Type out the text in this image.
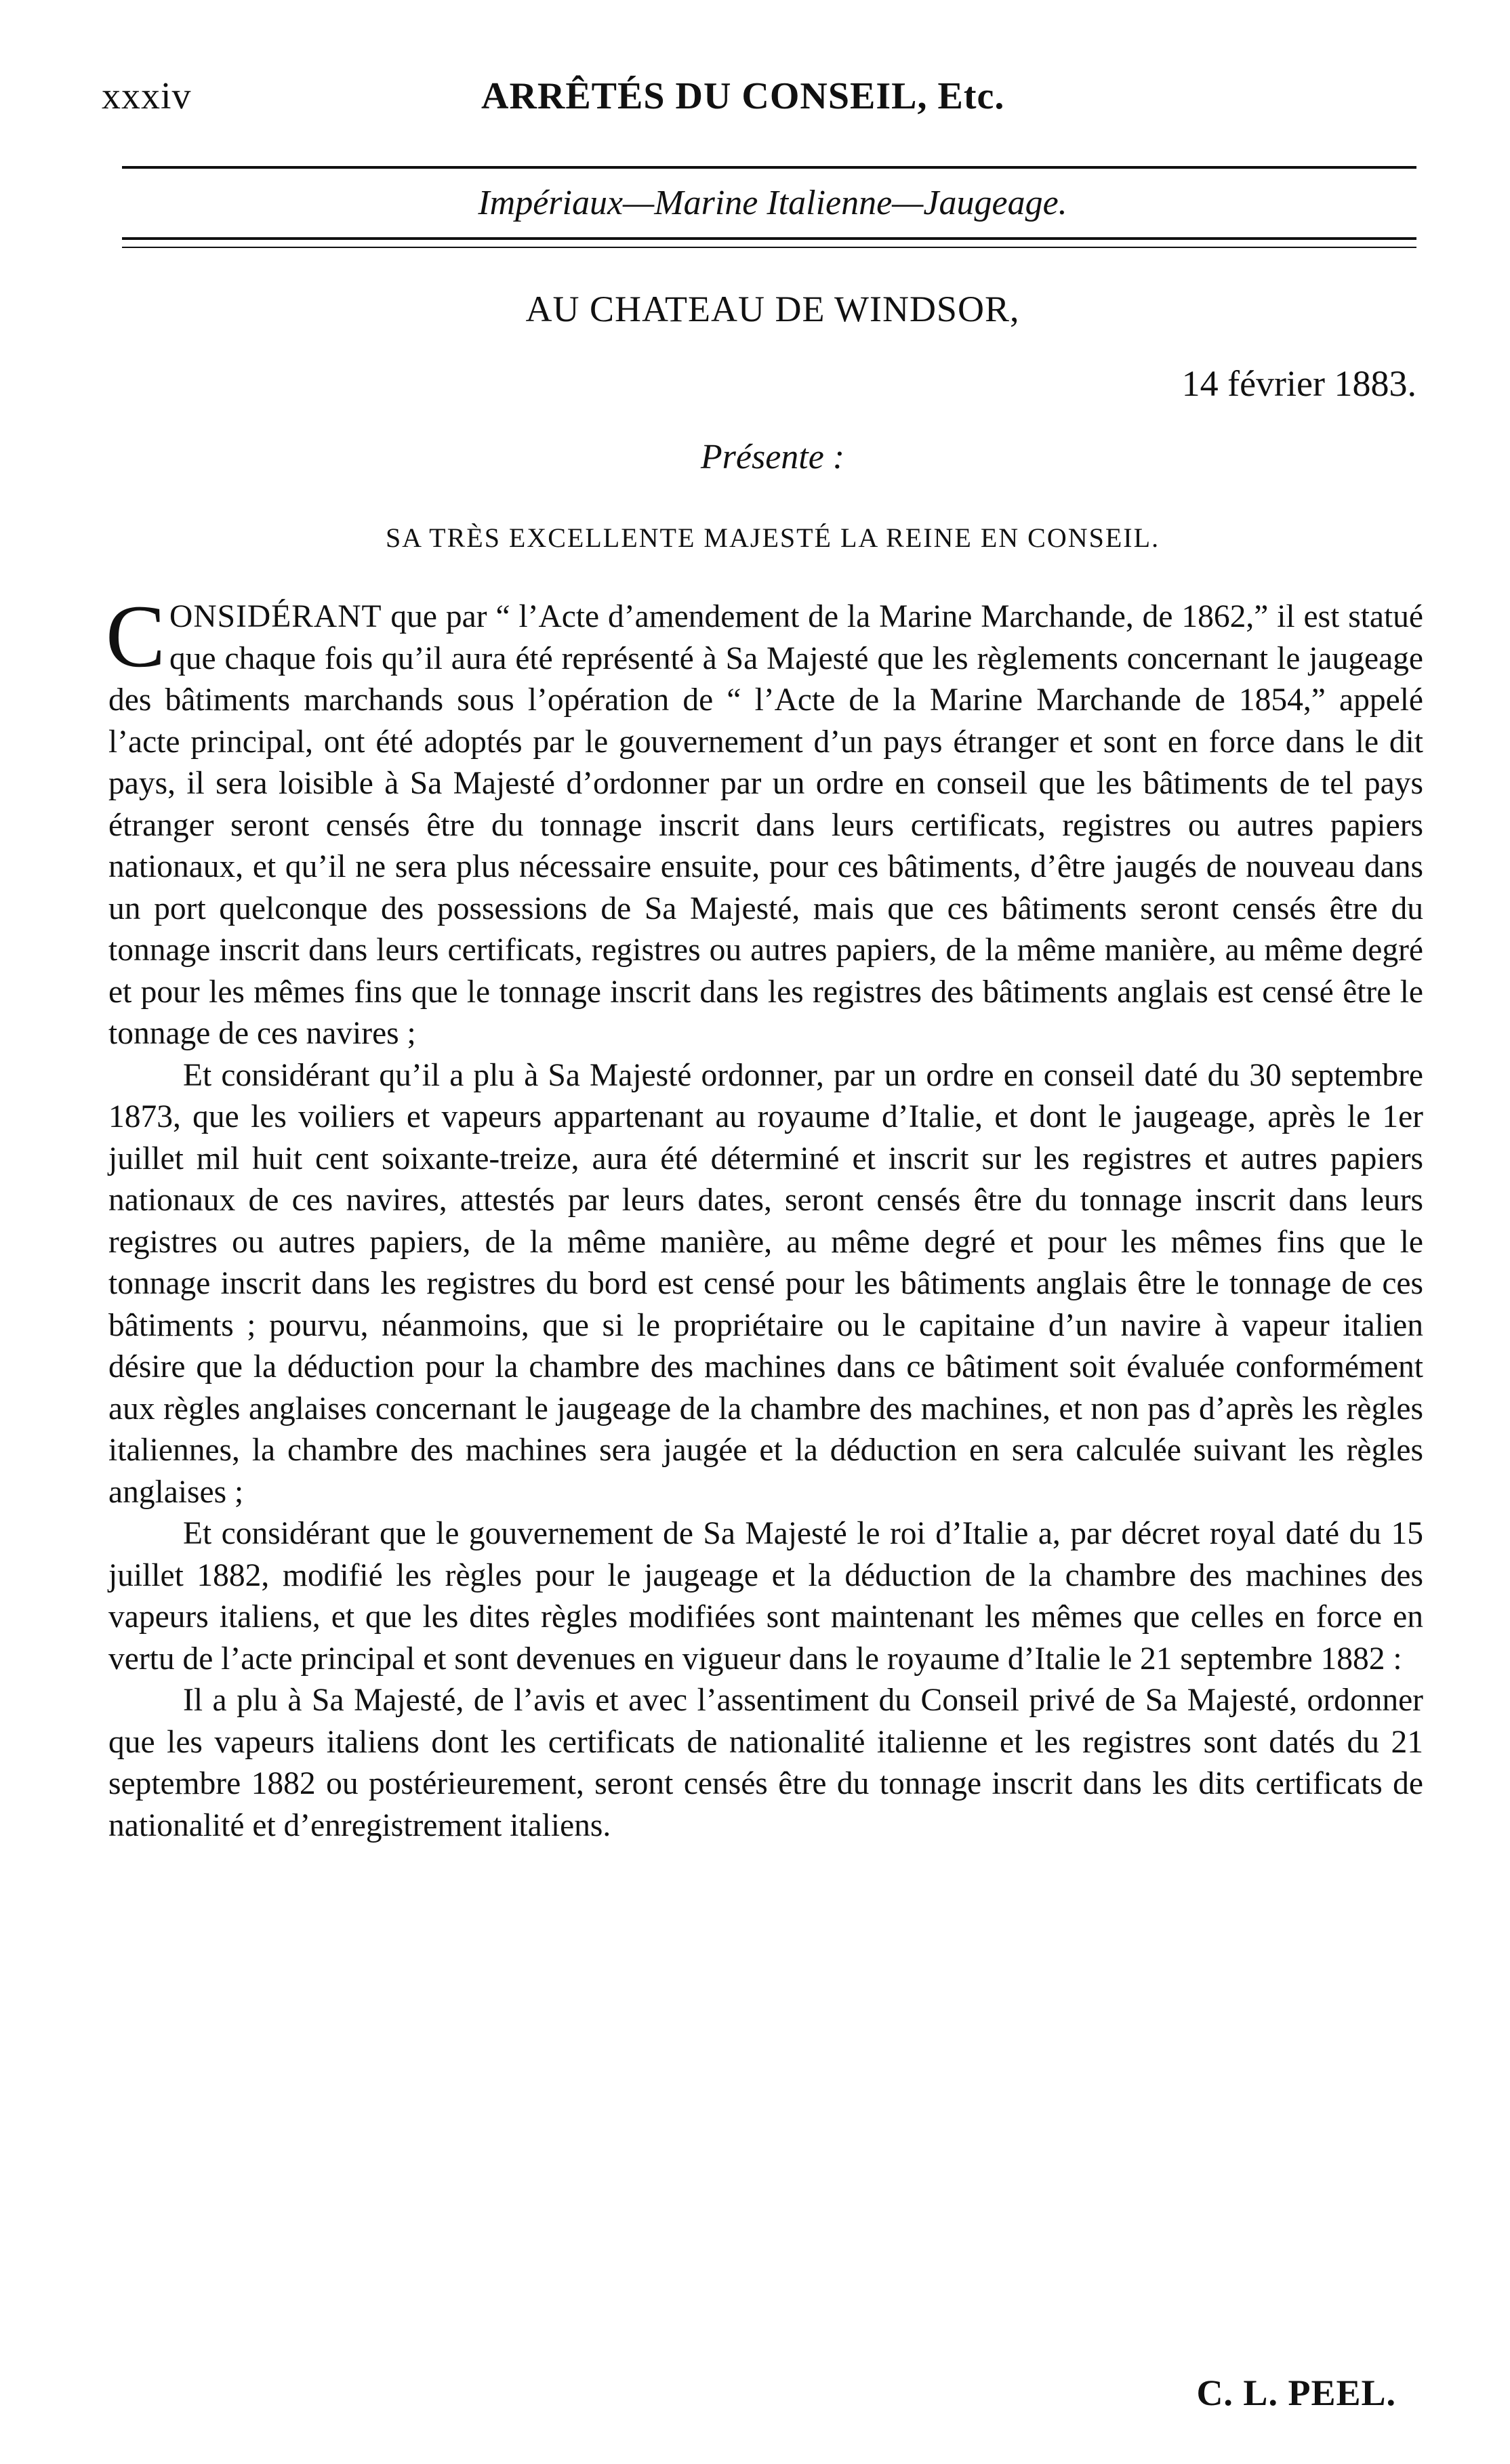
xxxiv	ARRÊTÉS DU CONSEIL, Etc.
Impériaux—Marine Italienne—Jaugeage.
AU CHATEAU DE WINDSOR,
14 février 1883.
Présente :
SA TRÈS EXCELLENTE MAJESTÉ LA REINE EN CONSEIL.

CONSIDÉRANT que par “ l’Acte d’amendement de la Marine Marchande, de 1862,” il est statué que chaque fois qu’il aura été représenté à Sa Majesté que les règlements concernant le jaugeage des bâtiments marchands sous l’opération de “ l’Acte de la Marine Marchande de 1854,” appelé l’acte principal, ont été adoptés par le gouvernement d’un pays étranger et sont en force dans le dit pays, il sera loisible à Sa Majesté d’ordonner par un ordre en conseil que les bâtiments de tel pays étranger seront censés être du tonnage inscrit dans leurs certificats, registres ou autres papiers nationaux, et qu’il ne sera plus nécessaire ensuite, pour ces bâtiments, d’être jaugés de nouveau dans un port quelconque des possessions de Sa Majesté, mais que ces bâtiments seront censés être du tonnage inscrit dans leurs certificats, registres ou autres papiers, de la même manière, au même degré et pour les mêmes fins que le tonnage inscrit dans les registres des bâtiments anglais est censé être le tonnage de ces navires ;

Et considérant qu’il a plu à Sa Majesté ordonner, par un ordre en conseil daté du 30 septembre 1873, que les voiliers et vapeurs appartenant au royaume d’Italie, et dont le jaugeage, après le 1er juillet mil huit cent soixante-treize, aura été déterminé et inscrit sur les registres et autres papiers nationaux de ces navires, attestés par leurs dates, seront censés être du tonnage inscrit dans leurs registres ou autres papiers, de la même manière, au même degré et pour les mêmes fins que le tonnage inscrit dans les registres du bord est censé pour les bâtiments anglais être le tonnage de ces bâtiments ; pourvu, néanmoins, que si le propriétaire ou le capitaine d’un navire à vapeur italien désire que la déduction pour la chambre des machines dans ce bâtiment soit évaluée conformément aux règles anglaises concernant le jaugeage de la chambre des machines, et non pas d’après les règles italiennes, la chambre des machines sera jaugée et la déduction en sera calculée suivant les règles anglaises ;

Et considérant que le gouvernement de Sa Majesté le roi d’Italie a, par décret royal daté du 15 juillet 1882, modifié les règles pour le jaugeage et la déduction de la chambre des machines des vapeurs italiens, et que les dites règles modifiées sont maintenant les mêmes que celles en force en vertu de l’acte principal et sont devenues en vigueur dans le royaume d’Italie le 21 septembre 1882 :

Il a plu à Sa Majesté, de l’avis et avec l’assentiment du Conseil privé de Sa Majesté, ordonner que les vapeurs italiens dont les certificats de nationalité italienne et les registres sont datés du 21 septembre 1882 ou postérieurement, seront censés être du tonnage inscrit dans les dits certificats de nationalité et d’enregistrement italiens.

C. L. PEEL.
